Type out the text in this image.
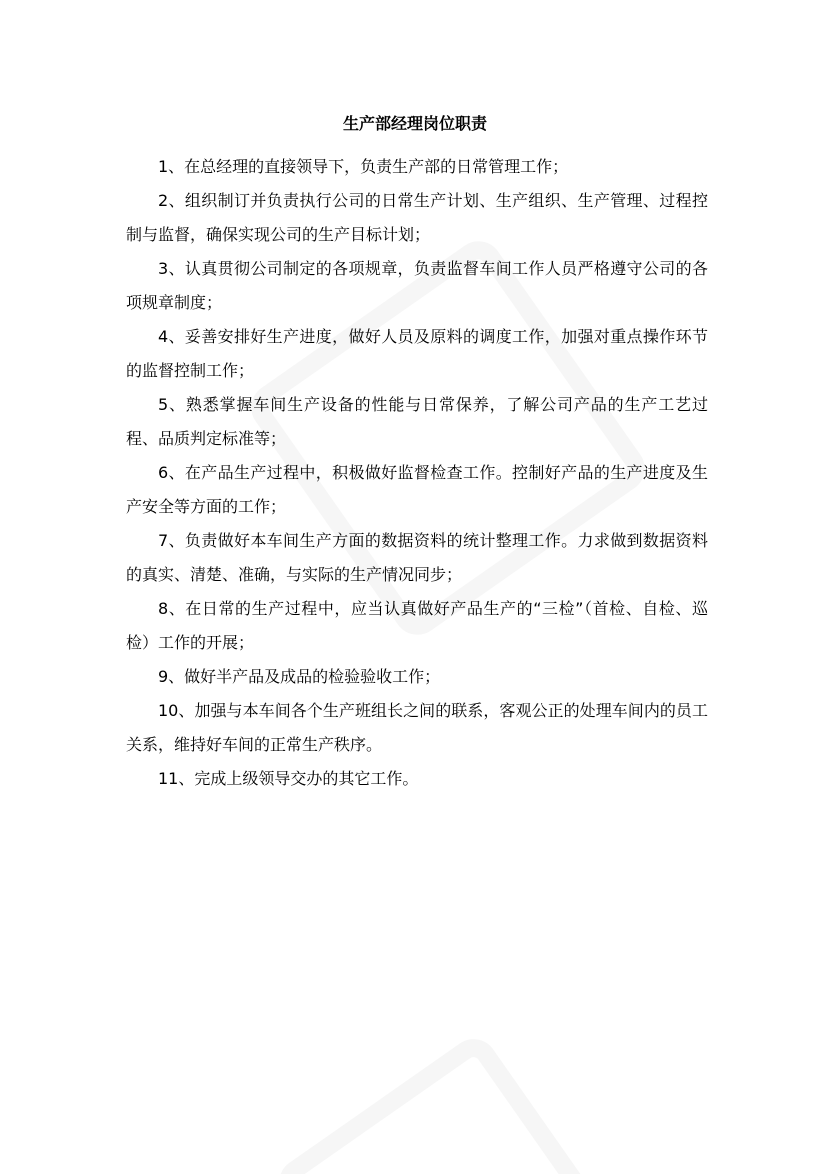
生产部经理岗位职责

1、在总经理的直接领导下，负责生产部的日常管理工作；

2、组织制订并负责执行公司的日常生产计划、生产组织、生产管理、过程控制与监督，确保实现公司的生产目标计划；

3、认真贯彻公司制定的各项规章，负责监督车间工作人员严格遵守公司的各项规章制度；

4、妥善安排好生产进度，做好人员及原料的调度工作，加强对重点操作环节的监督控制工作；

5、熟悉掌握车间生产设备的性能与日常保养，了解公司产品的生产工艺过程、品质判定标准等；

6、在产品生产过程中，积极做好监督检查工作。控制好产品的生产进度及生产安全等方面的工作；

7、负责做好本车间生产方面的数据资料的统计整理工作。力求做到数据资料的真实、清楚、准确，与实际的生产情况同步；

8、在日常的生产过程中，应当认真做好产品生产的“三检”（首检、自检、巡检）工作的开展；

9、做好半产品及成品的检验验收工作；

10、加强与本车间各个生产班组长之间的联系，客观公正的处理车间内的员工关系，维持好车间的正常生产秩序。

11、完成上级领导交办的其它工作。
